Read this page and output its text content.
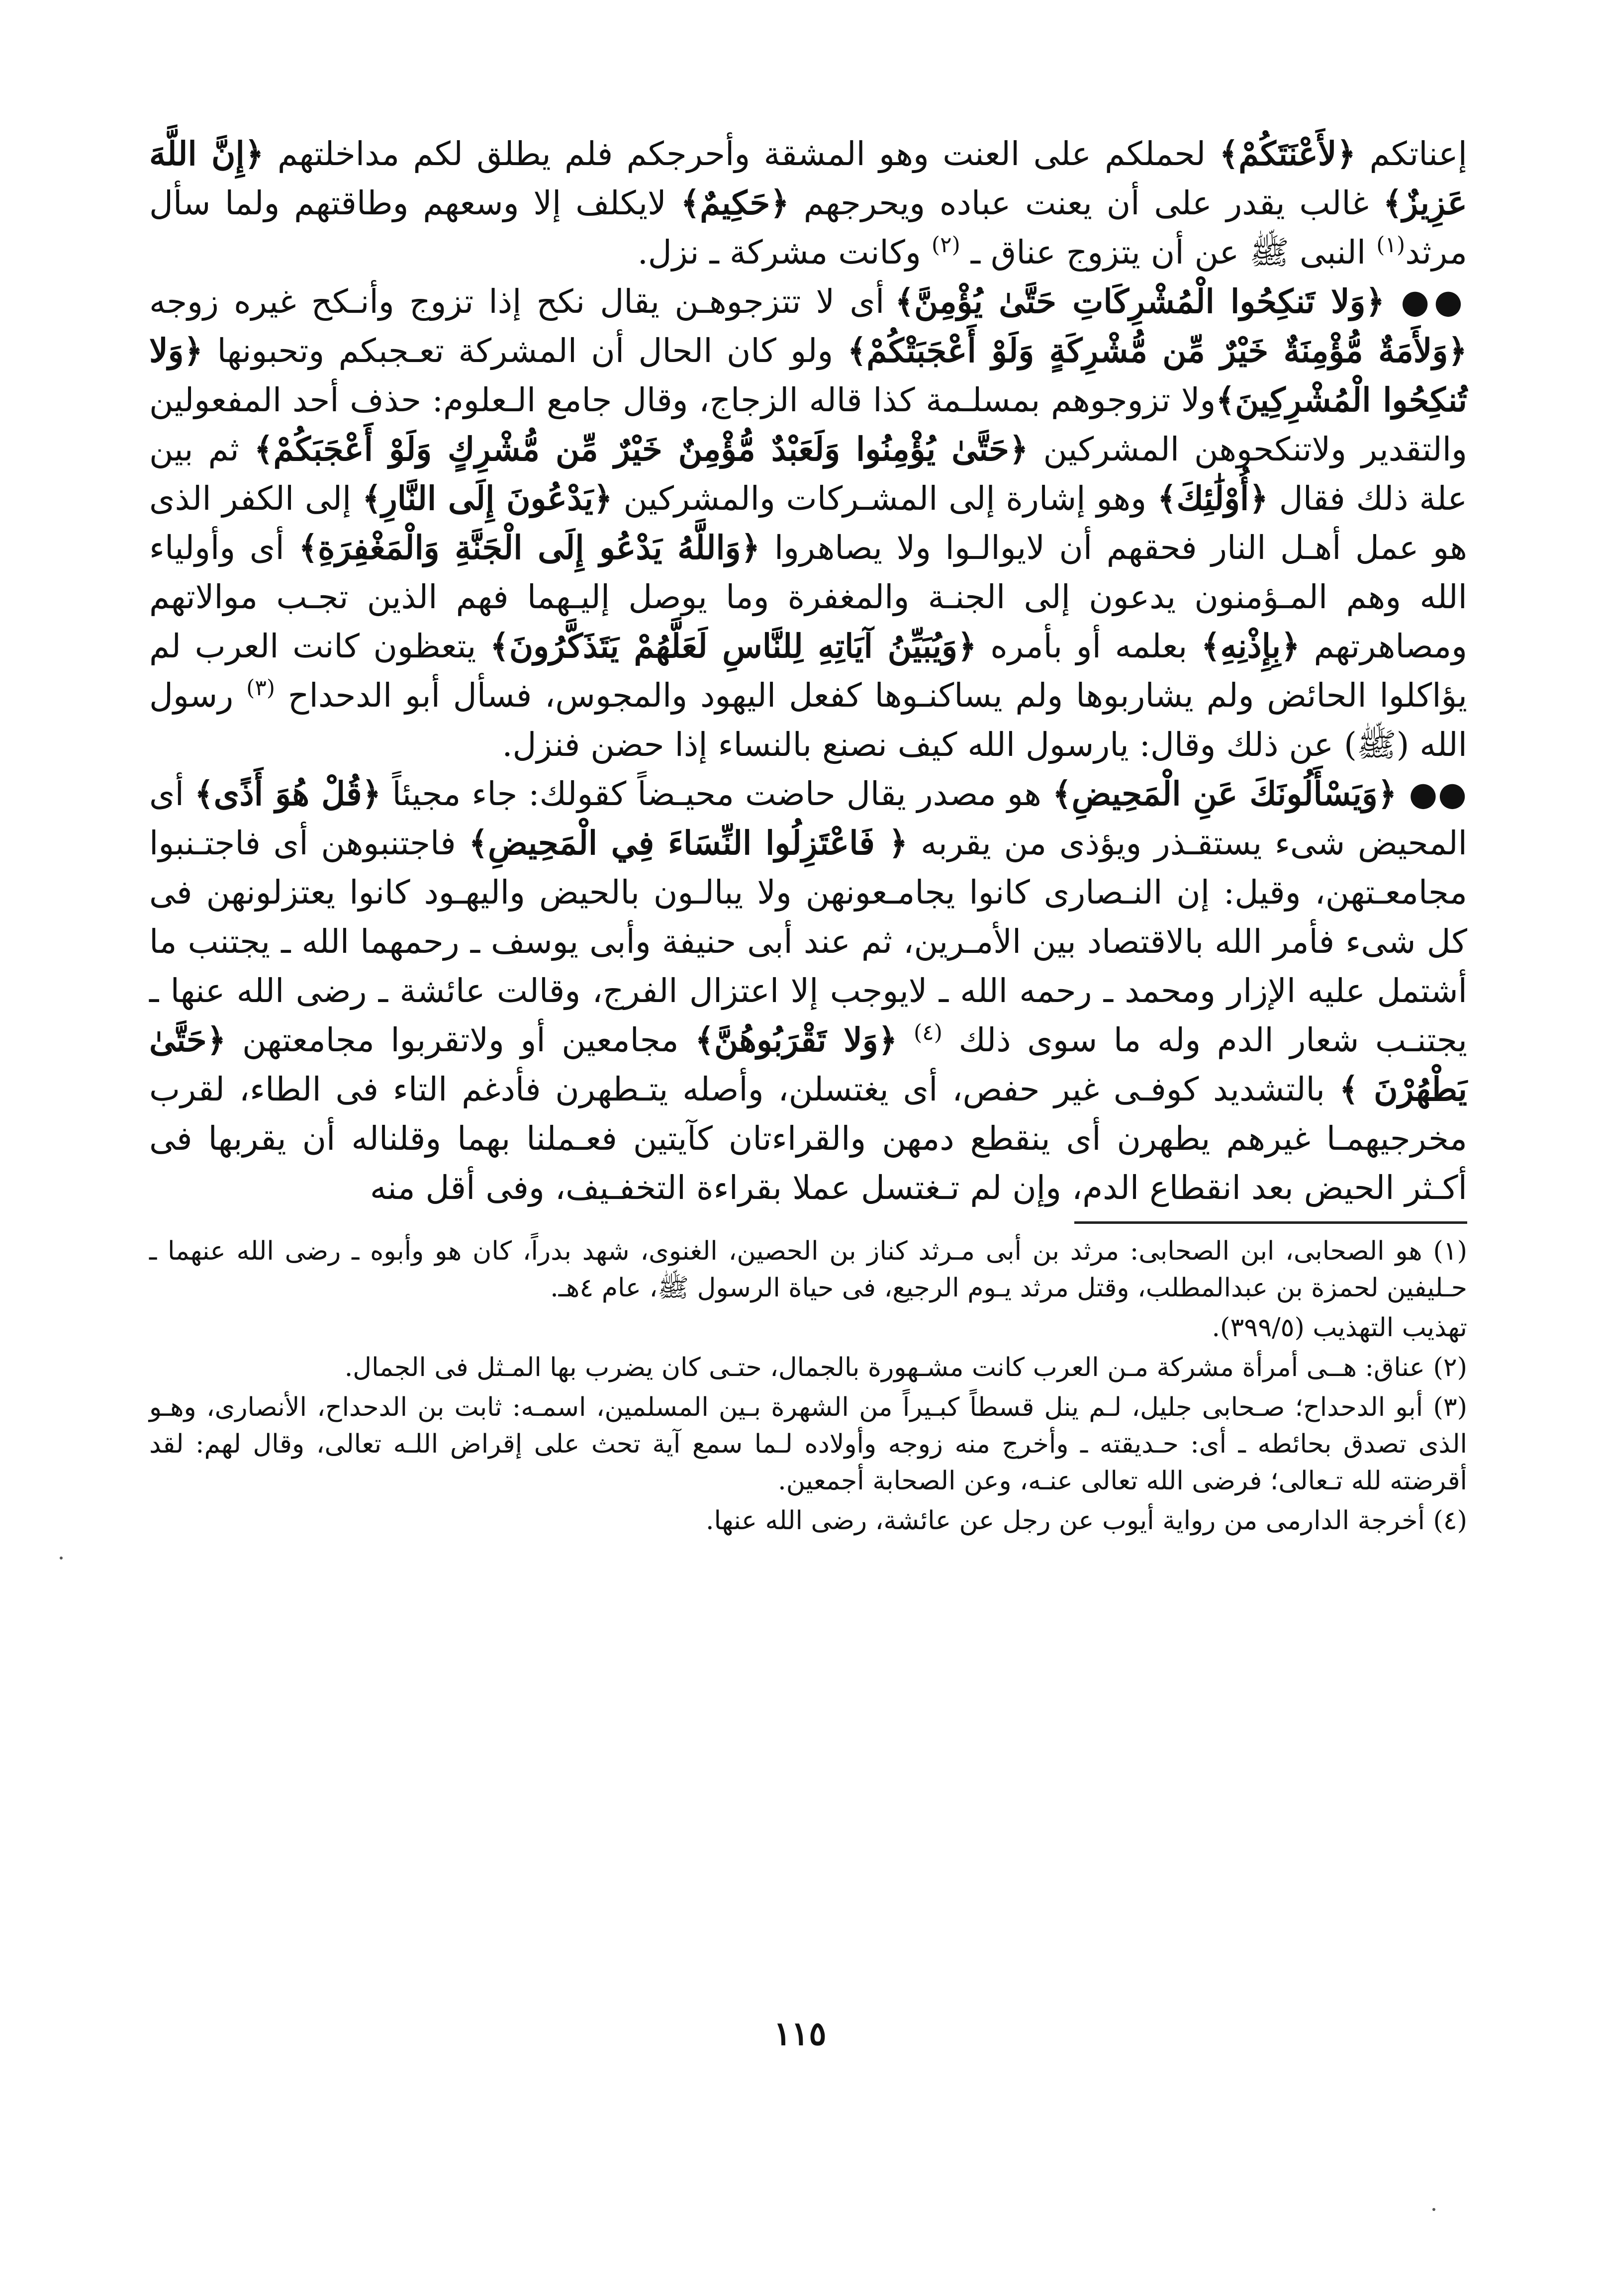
إعناتكم ﴿لأَعْنَتَكُمْ﴾ لحملكم على العنت وهو المشقة وأحرجكم فلم يطلق لكم مداخلتهم ﴿إِنَّ اللَّهَ عَزِيزٌ﴾ غالب يقدر على أن يعنت عباده ويحرجهم ﴿حَكِيمٌ﴾ لايكلف إلا وسعهم وطاقتهم ولما سأل مرثد$^{(١)}$ النبى ﷺ عن أن يتزوج عناق ـ $^{(٢)}$ وكانت مشركة ـ نزل.

●● ﴿وَلا تَنكِحُوا الْمُشْرِكَاتِ حَتَّىٰ يُؤْمِنَّ﴾ أى لا تتزجوهـن يقال نكح إذا تزوج وأنـكح غيره زوجه ﴿وَلأَمَةٌ مُّؤْمِنَةٌ خَيْرٌ مِّن مُّشْرِكَةٍ وَلَوْ أَعْجَبَتْكُمْ﴾ ولو كان الحال أن المشركة تعـجبكم وتحبونها ﴿وَلا تُنكِحُوا الْمُشْرِكِينَ﴾ولا تزوجوهم بمسلـمة كذا قاله الزجاج، وقال جامع الـعلوم: حذف أحد المفعولين والتقدير ولاتنكحوهن المشركين ﴿حَتَّىٰ يُؤْمِنُوا وَلَعَبْدٌ مُّؤْمِنٌ خَيْرٌ مِّن مُّشْرِكٍ وَلَوْ أَعْجَبَكُمْ﴾ ثم بين علة ذلك فقال ﴿أُوْلَٰئِكَ﴾ وهو إشارة إلى المشـركات والمشركين ﴿يَدْعُونَ إِلَى النَّارِ﴾ إلى الكفر الذى هو عمل أهـل النار فحقهم أن لايوالـوا ولا يصاهروا ﴿وَاللَّهُ يَدْعُو إِلَى الْجَنَّةِ وَالْمَغْفِرَةِ﴾ أى وأولياء الله وهم المـؤمنون يدعون إلى الجنـة والمغفرة وما يوصل إليـهما فهم الذين تجـب موالاتهم ومصاهرتهم ﴿بِإِذْنِهِ﴾ بعلمه أو بأمره ﴿وَيُبَيِّنُ آيَاتِهِ لِلنَّاسِ لَعَلَّهُمْ يَتَذَكَّرُونَ﴾ يتعظون كانت العرب لم يؤاكلوا الحائض ولم يشاربوها ولم يساكنـوها كفعل اليهود والمجوس، فسأل أبو الدحداح $^{(٣)}$ رسول الله (ﷺ) عن ذلك وقال: يارسول الله كيف نصنع بالنساء إذا حضن فنزل.

●● ﴿وَيَسْأَلُونَكَ عَنِ الْمَحِيضِ﴾ هو مصدر يقال حاضت محيـضاً كقولك: جاء مجيئاً ﴿قُلْ هُوَ أَذًى﴾ أى المحيض شىء يستقـذر ويؤذى من يقربه ﴿ فَاعْتَزِلُوا النِّسَاءَ فِي الْمَحِيضِ﴾ فاجتنبوهن أى فاجتـنبوا مجامعـتهن، وقيل: إن النـصارى كانوا يجامـعونهن ولا يبالـون بالحيض واليهـود كانوا يعتزلونهن فى كل شىء فأمر الله بالاقتصاد بين الأمـرين، ثم عند أبى حنيفة وأبى يوسف ـ رحمهما الله ـ يجتنب ما أشتمل عليه الإزار ومحمد ـ رحمه الله ـ لايوجب إلا اعتزال الفرج، وقالت عائشة ـ رضى الله عنها ـ يجتنـب شعار الدم وله ما سوى ذلك $^{(٤)}$ ﴿وَلا تَقْرَبُوهُنَّ﴾ مجامعين أو ولاتقربوا مجامعتهن ﴿حَتَّىٰ يَطْهُرْنَ ﴾ بالتشديد كوفـى غير حفص، أى يغتسلن، وأصله يتـطهرن فأدغم التاء فى الطاء، لقرب مخرجيهمـا غيرهم يطهرن أى ينقطع دمهن والقراءتان كآيتين فعـملنا بهما وقلناله أن يقربها فى أكـثر الحيض بعد انقطاع الدم، وإن لم تـغتسل عملا بقراءة التخفـيف، وفى أقل منه

(١) هو الصحابى، ابن الصحابى: مرثد بن أبى مـرثد كناز بن الحصين، الغنوى، شهد بدراً، كان هو وأبوه ـ رضى الله عنهما ـ حـليفين لحمزة بن عبدالمطلب، وقتل مرثد يـوم الرجيع، فى حياة الرسول ﷺ، عام ٤هـ.

تهذيب التهذيب (٣٩٩/٥).

(٢) عناق: هــى أمرأة مشركة مـن العرب كانت مشـهورة بالجمال، حتـى كان يضرب بها المـثل فى الجمال.

(٣) أبو الدحداح؛ صـحابى جليل، لـم ينل قسطاً كبـيراً من الشهرة بـين المسلمين، اسمـه: ثابت بن الدحداح، الأنصارى، وهـو الذى تصدق بحائطه ـ أى: حـديقته ـ وأخرج منه زوجه وأولاده لـما سمع آية تحث على إقراض اللـه تعالى، وقال لهم: لقد أقرضته لله تـعالى؛ فرضى الله تعالى عنـه، وعن الصحابة أجمعين.

(٤) أخرجة الدارمى من رواية أيوب عن رجل عن عائشة، رضى الله عنها.

١١٥
